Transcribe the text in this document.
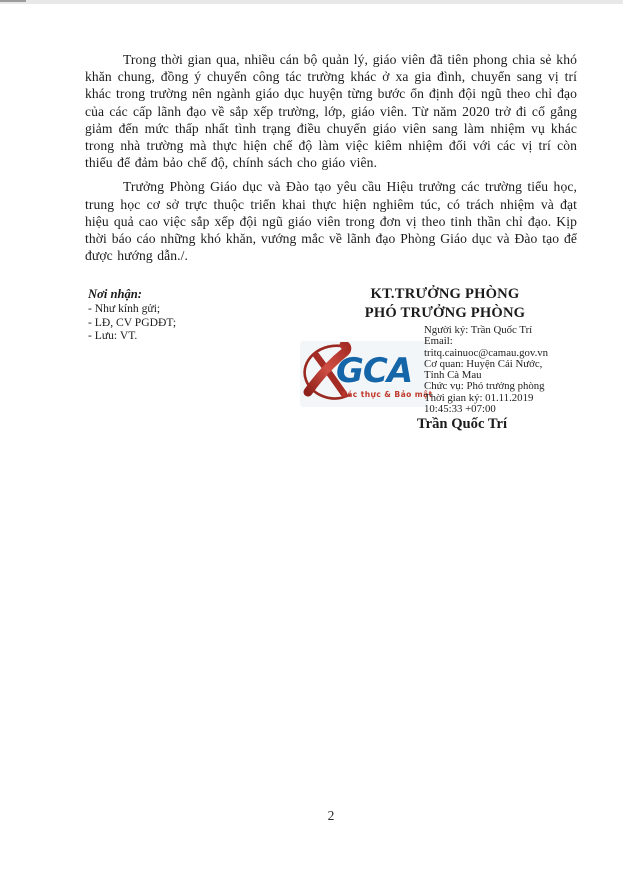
Trong thời gian qua, nhiều cán bộ quản lý, giáo viên đã tiên phong chia sẻ khó khăn chung, đồng ý chuyển công tác trường khác ở xa gia đình, chuyển sang vị trí khác trong trường nên ngành giáo dục huyện từng bước ổn định đội ngũ theo chỉ đạo của các cấp lãnh đạo về sắp xếp trường, lớp, giáo viên. Từ năm 2020 trở đi cố gắng giảm đến mức thấp nhất tình trạng điều chuyển giáo viên sang làm nhiệm vụ khác trong nhà trường mà thực hiện chế độ làm việc kiêm nhiệm đối với các vị trí còn thiếu để đảm bảo chế độ, chính sách cho giáo viên.

Trưởng Phòng Giáo dục và Đào tạo yêu cầu Hiệu trưởng các trường tiểu học, trung học cơ sở trực thuộc triển khai thực hiện nghiêm túc, có trách nhiệm và đạt hiệu quả cao việc sắp xếp đội ngũ giáo viên trong đơn vị theo tinh thần chỉ đạo. Kịp thời báo cáo những khó khăn, vướng mắc về lãnh đạo Phòng Giáo dục và Đào tạo để được hướng dẫn./.

Nơi nhận:
- Như kính gửi;
- LĐ, CV PGDĐT;
- Lưu: VT.
KT.TRƯỞNG PHÒNG
PHÓ TRƯỞNG PHÒNG
GCA
Xác thực & Bảo mật
Người ký: Trần Quốc Trí
Email:
tritq.cainuoc@camau.gov.vn
Cơ quan: Huyện Cái Nước,
Tỉnh Cà Mau
Chức vụ: Phó trưởng phòng
Thời gian ký: 01.11.2019
10:45:33 +07:00
Trần Quốc Trí
2
